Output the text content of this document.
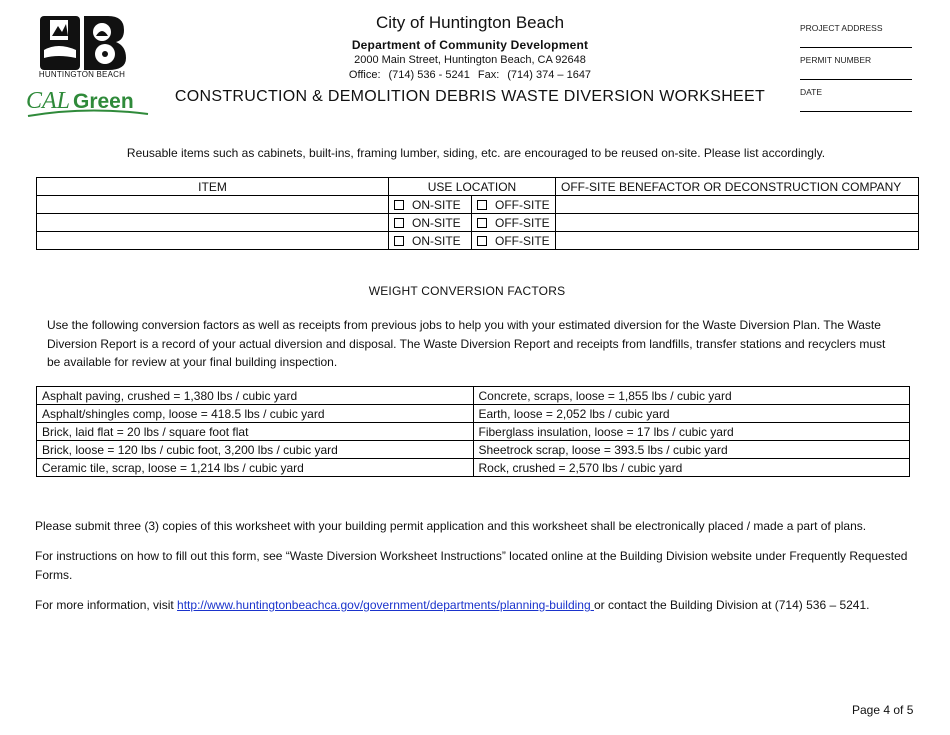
HUNTINGTON BEACH
CAL Green
City of Huntington Beach
Department of Community Development
2000 Main Street, Huntington Beach, CA 92648
Office: (714) 536 - 5241 Fax: (714) 374 – 1647
CONSTRUCTION & DEMOLITION DEBRIS WASTE DIVERSION WORKSHEET
PROJECT ADDRESS
PERMIT NUMBER
DATE
Reusable items such as cabinets, built-ins, framing lumber, siding, etc. are encouraged to be reused on-site. Please list accordingly.
ITEM	USE LOCATION		OFF-SITE BENEFACTOR OR DECONSTRUCTION COMPANY
	ON-SITE	OFF-SITE	
	ON-SITE	OFF-SITE	
	ON-SITE	OFF-SITE	
WEIGHT CONVERSION FACTORS
Use the following conversion factors as well as receipts from previous jobs to help you with your estimated diversion for the Waste Diversion Plan. The Waste Diversion Report is a record of your actual diversion and disposal. The Waste Diversion Report and receipts from landfills, transfer stations and recyclers must be available for review at your final building inspection.
Asphalt paving, crushed = 1,380 lbs / cubic yard	Concrete, scraps, loose = 1,855 lbs / cubic yard
Asphalt/shingles comp, loose = 418.5 lbs / cubic yard	Earth, loose = 2,052 lbs / cubic yard
Brick, laid flat = 20 lbs / square foot flat	Fiberglass insulation, loose = 17 lbs / cubic yard
Brick, loose = 120 lbs / cubic foot, 3,200 lbs / cubic yard	Sheetrock scrap, loose = 393.5 lbs / cubic yard
Ceramic tile, scrap, loose = 1,214 lbs / cubic yard	Rock, crushed = 2,570 lbs / cubic yard
Please submit three (3) copies of this worksheet with your building permit application and this worksheet shall be electronically placed / made a part of plans.
For instructions on how to fill out this form, see “Waste Diversion Worksheet Instructions” located online at the Building Division website under Frequently Requested Forms.
For more information, visit http://www.huntingtonbeachca.gov/government/departments/planning-building or contact the Building Division at (714) 536 – 5241.
Page 4 of 5
